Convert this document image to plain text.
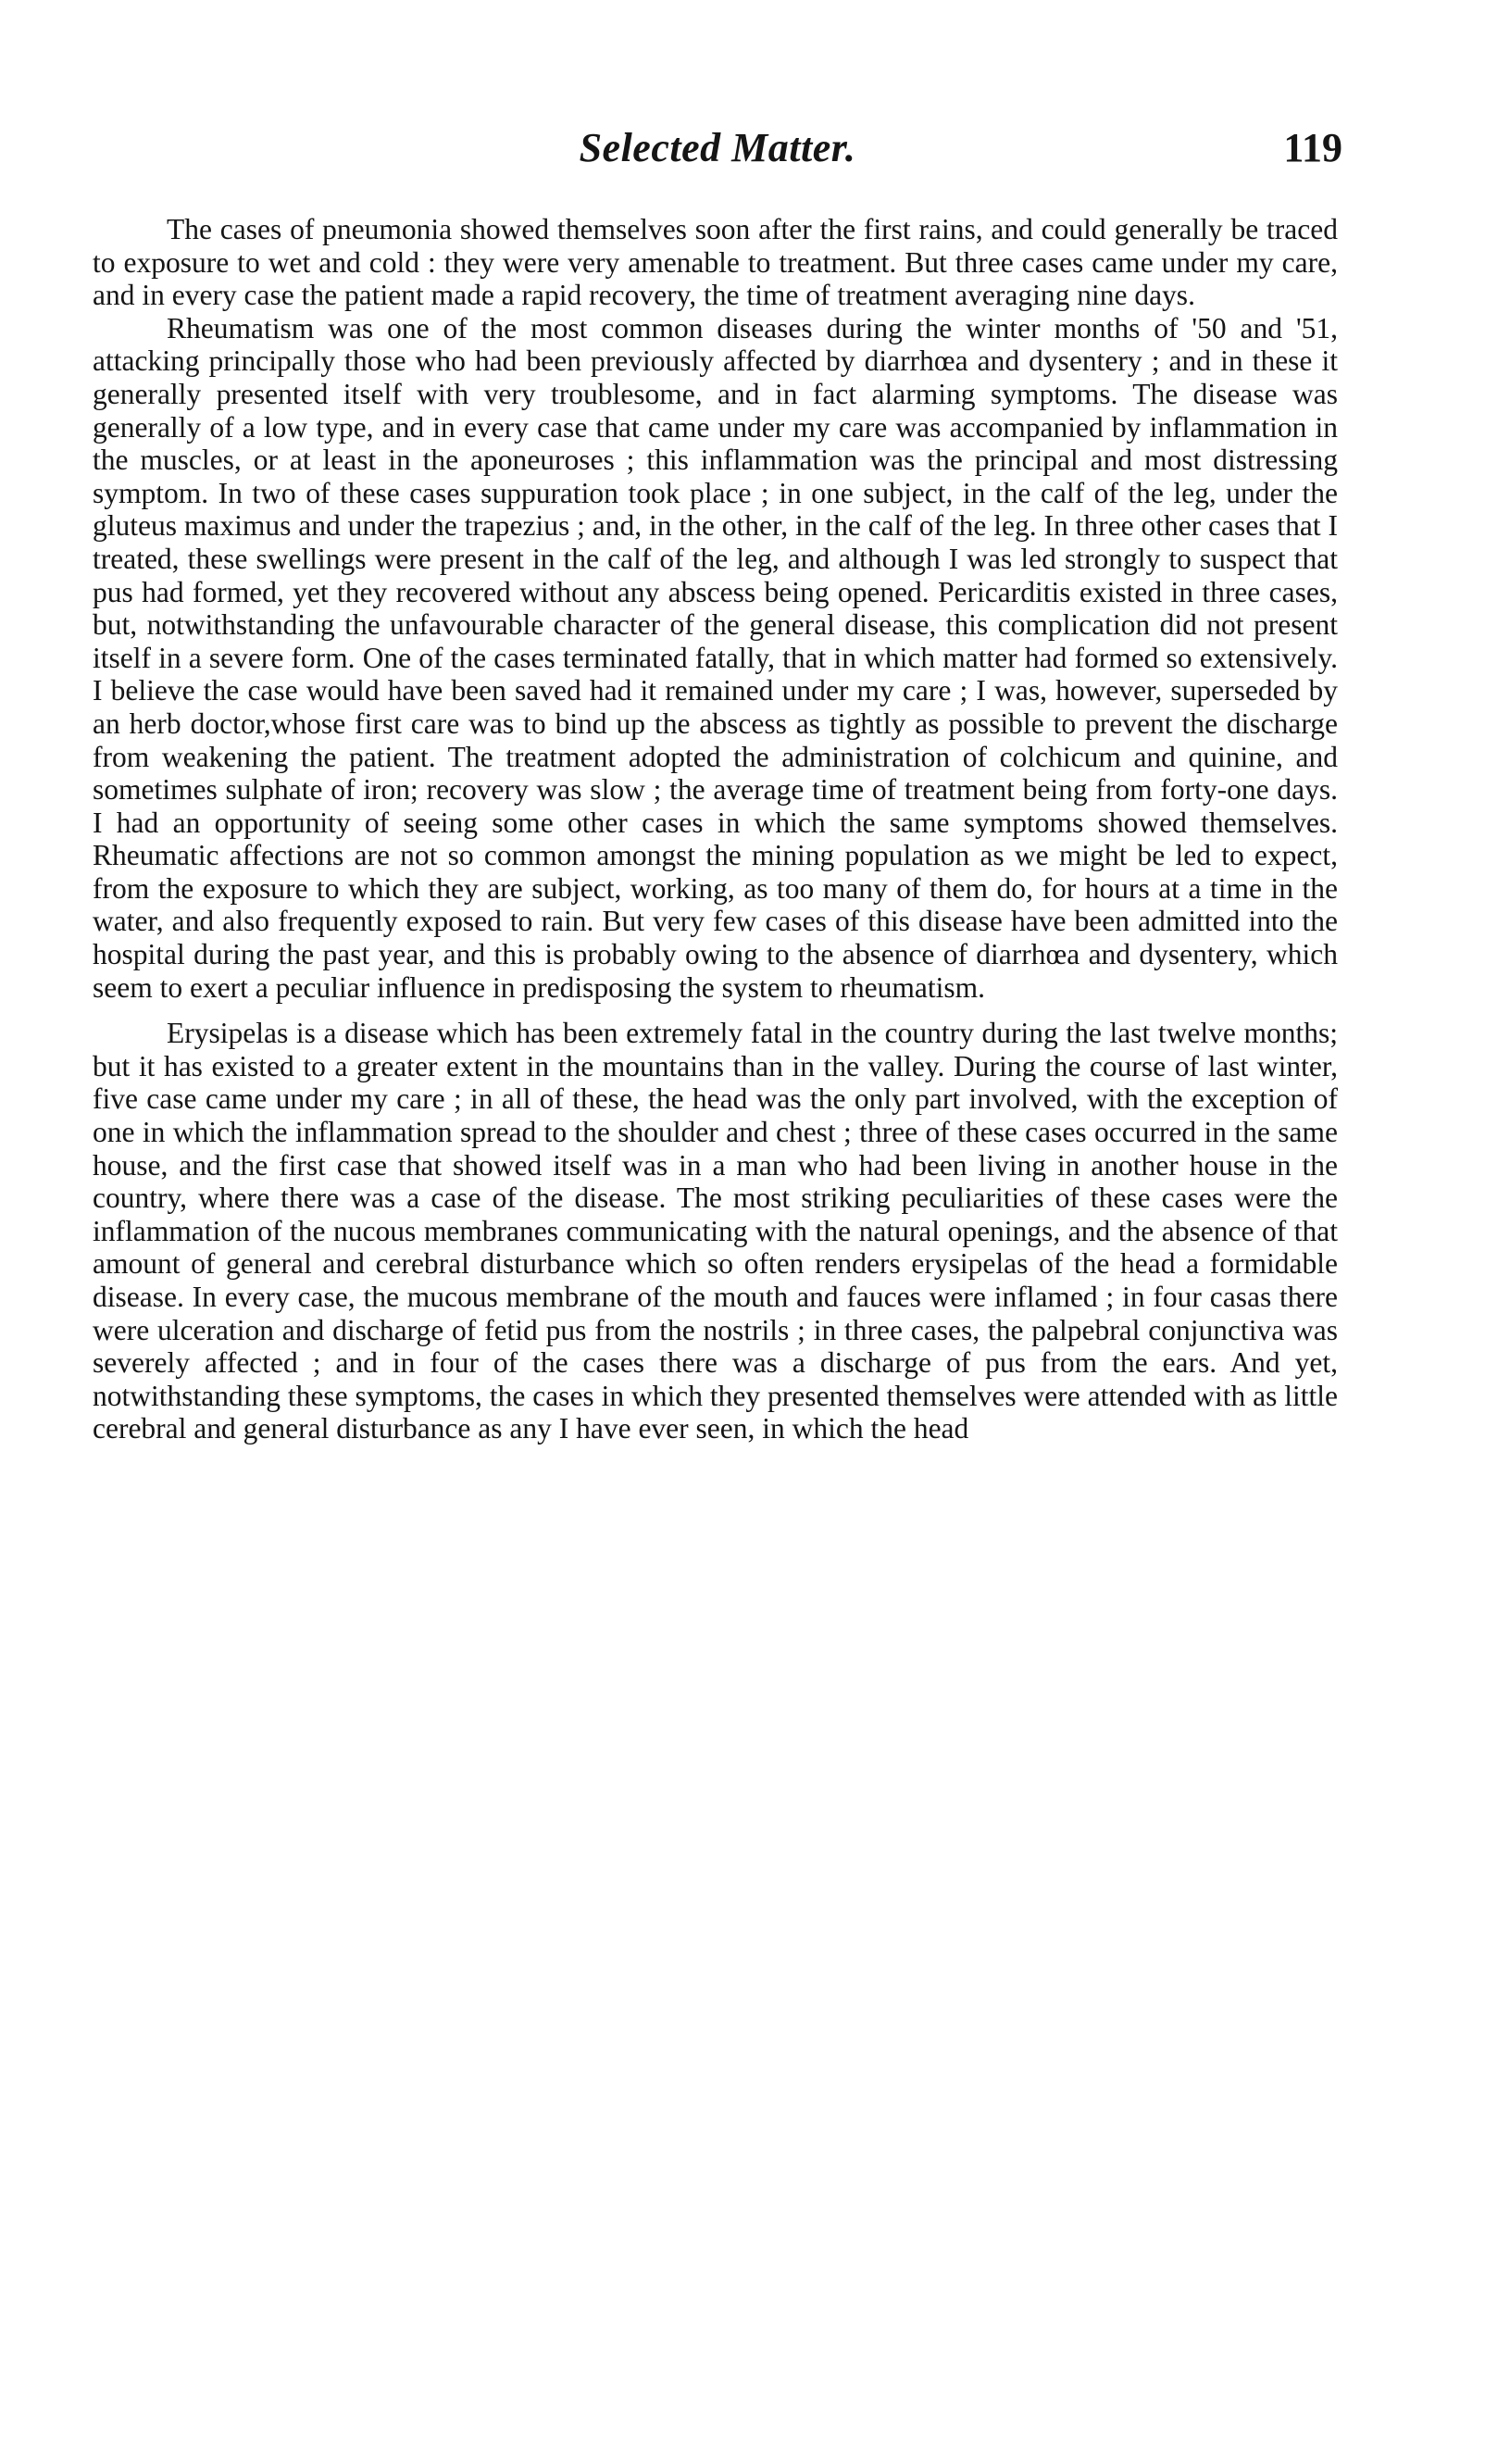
Selected Matter.	119

The cases of pneumonia showed themselves soon after the first rains, and could generally be traced to exposure to wet and cold : they were very amenable to treatment. But three cases came under my care, and in every case the patient made a rapid recovery, the time of treatment averaging nine days.

Rheumatism was one of the most common diseases during the winter months of '50 and '51, attacking principally those who had been previously affected by diarrhœa and dysentery ; and in these it generally presented itself with very troublesome, and in fact alarming symptoms. The disease was generally of a low type, and in every case that came under my care was accompanied by inflammation in the muscles, or at least in the aponeuroses ; this inflammation was the principal and most distressing symptom. In two of these cases suppuration took place ; in one subject, in the calf of the leg, under the gluteus maximus and under the trapezius ; and, in the other, in the calf of the leg. In three other cases that I treated, these swellings were present in the calf of the leg, and although I was led strongly to suspect that pus had formed, yet they recovered without any abscess being opened. Pericarditis existed in three cases, but, notwithstanding the unfavourable character of the general disease, this complication did not present itself in a severe form. One of the cases terminated fatally, that in which matter had formed so extensively. I believe the case would have been saved had it remained under my care ; I was, however, superseded by an herb doctor,whose first care was to bind up the abscess as tightly as possible to prevent the discharge from weakening the patient. The treatment adopted the administration of colchicum and quinine, and sometimes sulphate of iron; recovery was slow ; the average time of treatment being from forty-one days. I had an opportunity of seeing some other cases in which the same symptoms showed themselves. Rheumatic affections are not so common amongst the mining population as we might be led to expect, from the exposure to which they are subject, working, as too many of them do, for hours at a time in the water, and also frequently exposed to rain. But very few cases of this disease have been admitted into the hospital during the past year, and this is probably owing to the absence of diarrhœa and dysentery, which seem to exert a peculiar influence in predisposing the system to rheumatism.

Erysipelas is a disease which has been extremely fatal in the country during the last twelve months; but it has existed to a greater extent in the mountains than in the valley. During the course of last winter, five case came under my care ; in all of these, the head was the only part involved, with the exception of one in which the inflammation spread to the shoulder and chest ; three of these cases occurred in the same house, and the first case that showed itself was in a man who had been living in another house in the country, where there was a case of the disease. The most striking peculiarities of these cases were the inflammation of the nucous membranes communicating with the natural openings, and the absence of that amount of general and cerebral disturbance which so often renders erysipelas of the head a formidable disease. In every case, the mucous membrane of the mouth and fauces were inflamed ; in four casas there were ulceration and discharge of fetid pus from the nostrils ; in three cases, the palpebral conjunctiva was severely affected ; and in four of the cases there was a discharge of pus from the ears. And yet, notwithstanding these symptoms, the cases in which they presented themselves were attended with as little cerebral and general disturbance as any I have ever seen, in which the head
